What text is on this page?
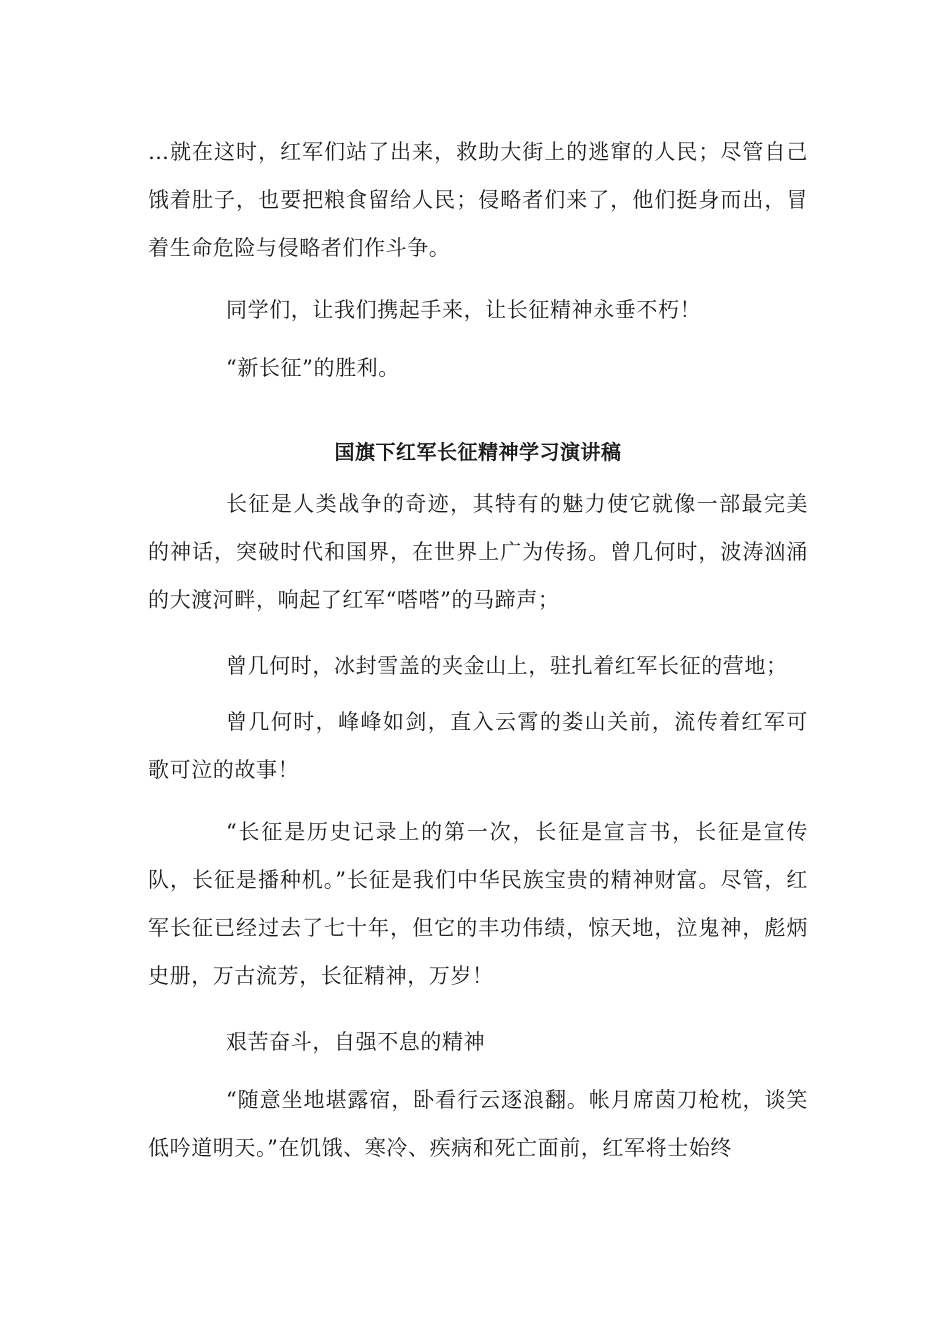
…就在这时，红军们站了出来，救助大街上的逃窜的人民；尽管自己饿着肚子，也要把粮食留给人民；侵略者们来了，他们挺身而出，冒着生命危险与侵略者们作斗争。

同学们，让我们携起手来，让长征精神永垂不朽！

“新长征”的胜利。

国旗下红军长征精神学习演讲稿

长征是人类战争的奇迹，其特有的魅力使它就像一部最完美的神话，突破时代和国界，在世界上广为传扬。曾几何时，波涛汹涌的大渡河畔，响起了红军“嗒嗒”的马蹄声；

曾几何时，冰封雪盖的夹金山上，驻扎着红军长征的营地；

曾几何时，峰峰如剑，直入云霄的娄山关前，流传着红军可歌可泣的故事！

“长征是历史记录上的第一次，长征是宣言书，长征是宣传队，长征是播种机。”长征是我们中华民族宝贵的精神财富。尽管，红军长征已经过去了七十年，但它的丰功伟绩，惊天地，泣鬼神，彪炳史册，万古流芳，长征精神，万岁！

艰苦奋斗，自强不息的精神

“随意坐地堪露宿，卧看行云逐浪翻。帐月席茵刀枪枕，谈笑低吟道明天。”在饥饿、寒冷、疾病和死亡面前，红军将士始终
